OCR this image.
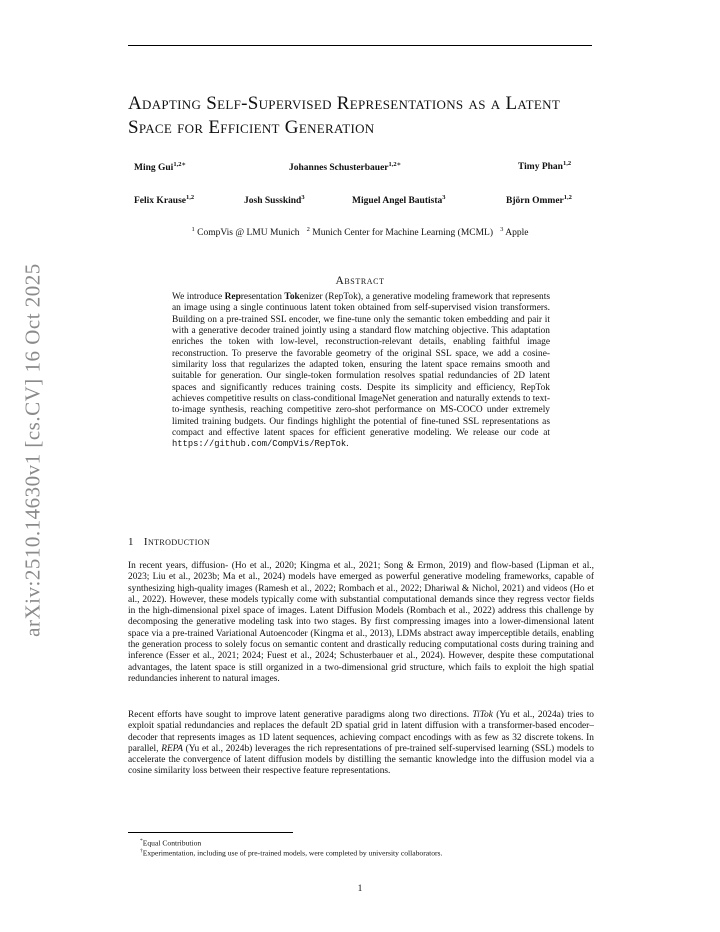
arXiv:2510.14630v1 [cs.CV] 16 Oct 2025
Adapting Self-Supervised Representations as a Latent Space for Efficient Generation
Ming Gui$^{1,2∗}$	Johannes Schusterbauer$^{1,2∗}$	Timy Phan$^{1,2}$
Felix Krause$^{1,2}$	Josh Susskind$^3$	Miguel Angel Bautista$^3$	Björn Ommer$^{1,2}$
$^1$ CompVis @ LMU Munich $^2$ Munich Center for Machine Learning (MCML) $^3$ Apple
Abstract
We introduce Representation Tokenizer (RepTok), a generative modeling framework that represents an image using a single continuous latent token obtained from self-supervised vision transformers. Building on a pre-trained SSL encoder, we fine-tune only the semantic token embedding and pair it with a generative decoder trained jointly using a standard flow matching objective. This adaptation enriches the token with low-level, reconstruction-relevant details, enabling faithful image reconstruction. To preserve the favorable geometry of the original SSL space, we add a cosine-similarity loss that regularizes the adapted token, ensuring the latent space remains smooth and suitable for generation. Our single-token formulation resolves spatial redundancies of 2D latent spaces and significantly reduces training costs. Despite its simplicity and efficiency, RepTok achieves competitive results on class-conditional ImageNet generation and naturally extends to text-to-image synthesis, reaching competitive zero-shot performance on MS-COCO under extremely limited training budgets. Our findings highlight the potential of fine-tuned SSL representations as compact and effective latent spaces for efficient generative modeling. We release our code at https://github.com/CompVis/RepTok.
1 Introduction
In recent years, diffusion- (Ho et al., 2020; Kingma et al., 2021; Song & Ermon, 2019) and flow-based (Lipman et al., 2023; Liu et al., 2023b; Ma et al., 2024) models have emerged as powerful generative modeling frameworks, capable of synthesizing high-quality images (Ramesh et al., 2022; Rombach et al., 2022; Dhariwal & Nichol, 2021) and videos (Ho et al., 2022). However, these models typically come with substantial computational demands since they regress vector fields in the high-dimensional pixel space of images. Latent Diffusion Models (Rombach et al., 2022) address this challenge by decomposing the generative modeling task into two stages. By first compressing images into a lower-dimensional latent space via a pre-trained Variational Autoencoder (Kingma et al., 2013), LDMs abstract away imperceptible details, enabling the generation process to solely focus on semantic content and drastically reducing computational costs during training and inference (Esser et al., 2021; 2024; Fuest et al., 2024; Schusterbauer et al., 2024). However, despite these computational advantages, the latent space is still organized in a two-dimensional grid structure, which fails to exploit the high spatial redundancies inherent to natural images.
Recent efforts have sought to improve latent generative paradigms along two directions. TiTok (Yu et al., 2024a) tries to exploit spatial redundancies and replaces the default 2D spatial grid in latent diffusion with a transformer-based encoder–decoder that represents images as 1D latent sequences, achieving compact encodings with as few as 32 discrete tokens. In parallel, REPA (Yu et al., 2024b) leverages the rich representations of pre-trained self-supervised learning (SSL) models to accelerate the convergence of latent diffusion models by distilling the semantic knowledge into the diffusion model via a cosine similarity loss between their respective feature representations.
*Equal Contribution
†Experimentation, including use of pre-trained models, were completed by university collaborators.
1
